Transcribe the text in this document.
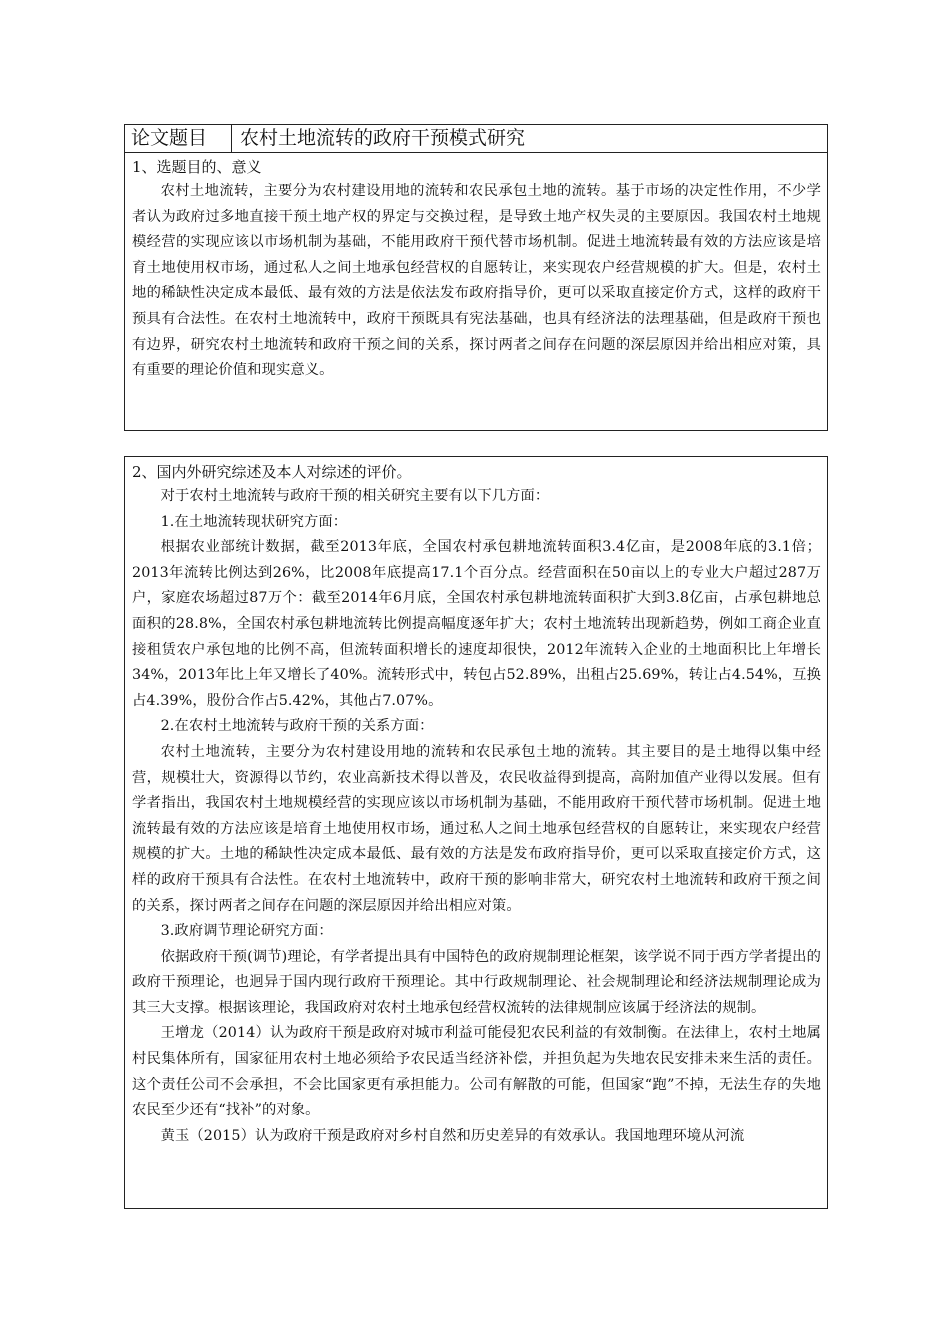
论文题目	农村土地流转的政府干预模式研究
1、选题目的、意义

农村土地流转，主要分为农村建设用地的流转和农民承包土地的流转。基于市场的决定性作用，不少学者认为政府过多地直接干预土地产权的界定与交换过程，是导致土地产权失灵的主要原因。我国农村土地规模经营的实现应该以市场机制为基础，不能用政府干预代替市场机制。促进土地流转最有效的方法应该是培育土地使用权市场，通过私人之间土地承包经营权的自愿转让，来实现农户经营规模的扩大。但是，农村土地的稀缺性决定成本最低、最有效的方法是依法发布政府指导价，更可以采取直接定价方式，这样的政府干预具有合法性。在农村土地流转中，政府干预既具有宪法基础，也具有经济法的法理基础，但是政府干预也有边界，研究农村土地流转和政府干预之间的关系，探讨两者之间存在问题的深层原因并给出相应对策，具有重要的理论价值和现实意义。

2、国内外研究综述及本人对综述的评价。

对于农村土地流转与政府干预的相关研究主要有以下几方面：

1.在土地流转现状研究方面：

根据农业部统计数据，截至2013年底，全国农村承包耕地流转面积3.4亿亩，是2008年底的3.1倍；2013年流转比例达到26%，比2008年底提高17.1个百分点。经营面积在50亩以上的专业大户超过287万户，家庭农场超过87万个：截至2014年6月底，全国农村承包耕地流转面积扩大到3.8亿亩，占承包耕地总面积的28.8%，全国农村承包耕地流转比例提高幅度逐年扩大；农村土地流转出现新趋势，例如工商企业直接租赁农户承包地的比例不高，但流转面积增长的速度却很快，2012年流转入企业的土地面积比上年增长34%，2013年比上年又增长了40%。流转形式中，转包占52.89%，出租占25.69%，转让占4.54%，互换占4.39%，股份合作占5.42%，其他占7.07%。

2.在农村土地流转与政府干预的关系方面：

农村土地流转，主要分为农村建设用地的流转和农民承包土地的流转。其主要目的是土地得以集中经营，规模壮大，资源得以节约，农业高新技术得以普及，农民收益得到提高，高附加值产业得以发展。但有学者指出，我国农村土地规模经营的实现应该以市场机制为基础，不能用政府干预代替市场机制。促进土地流转最有效的方法应该是培育土地使用权市场，通过私人之间土地承包经营权的自愿转让，来实现农户经营规模的扩大。土地的稀缺性决定成本最低、最有效的方法是发布政府指导价，更可以采取直接定价方式，这样的政府干预具有合法性。在农村土地流转中，政府干预的影响非常大，研究农村土地流转和政府干预之间的关系，探讨两者之间存在问题的深层原因并给出相应对策。

3.政府调节理论研究方面：

依据政府干预(调节)理论，有学者提出具有中国特色的政府规制理论框架，该学说不同于西方学者提出的政府干预理论，也迥异于国内现行政府干预理论。其中行政规制理论、社会规制理论和经济法规制理论成为其三大支撑。根据该理论，我国政府对农村土地承包经营权流转的法律规制应该属于经济法的规制。

王增龙（2014）认为政府干预是政府对城市利益可能侵犯农民利益的有效制衡。在法律上，农村土地属村民集体所有，国家征用农村土地必须给予农民适当经济补偿，并担负起为失地农民安排未来生活的责任。这个责任公司不会承担，不会比国家更有承担能力。公司有解散的可能，但国家“跑”不掉，无法生存的失地农民至少还有“找补”的对象。

黄玉（2015）认为政府干预是政府对乡村自然和历史差异的有效承认。我国地理环境从河流
